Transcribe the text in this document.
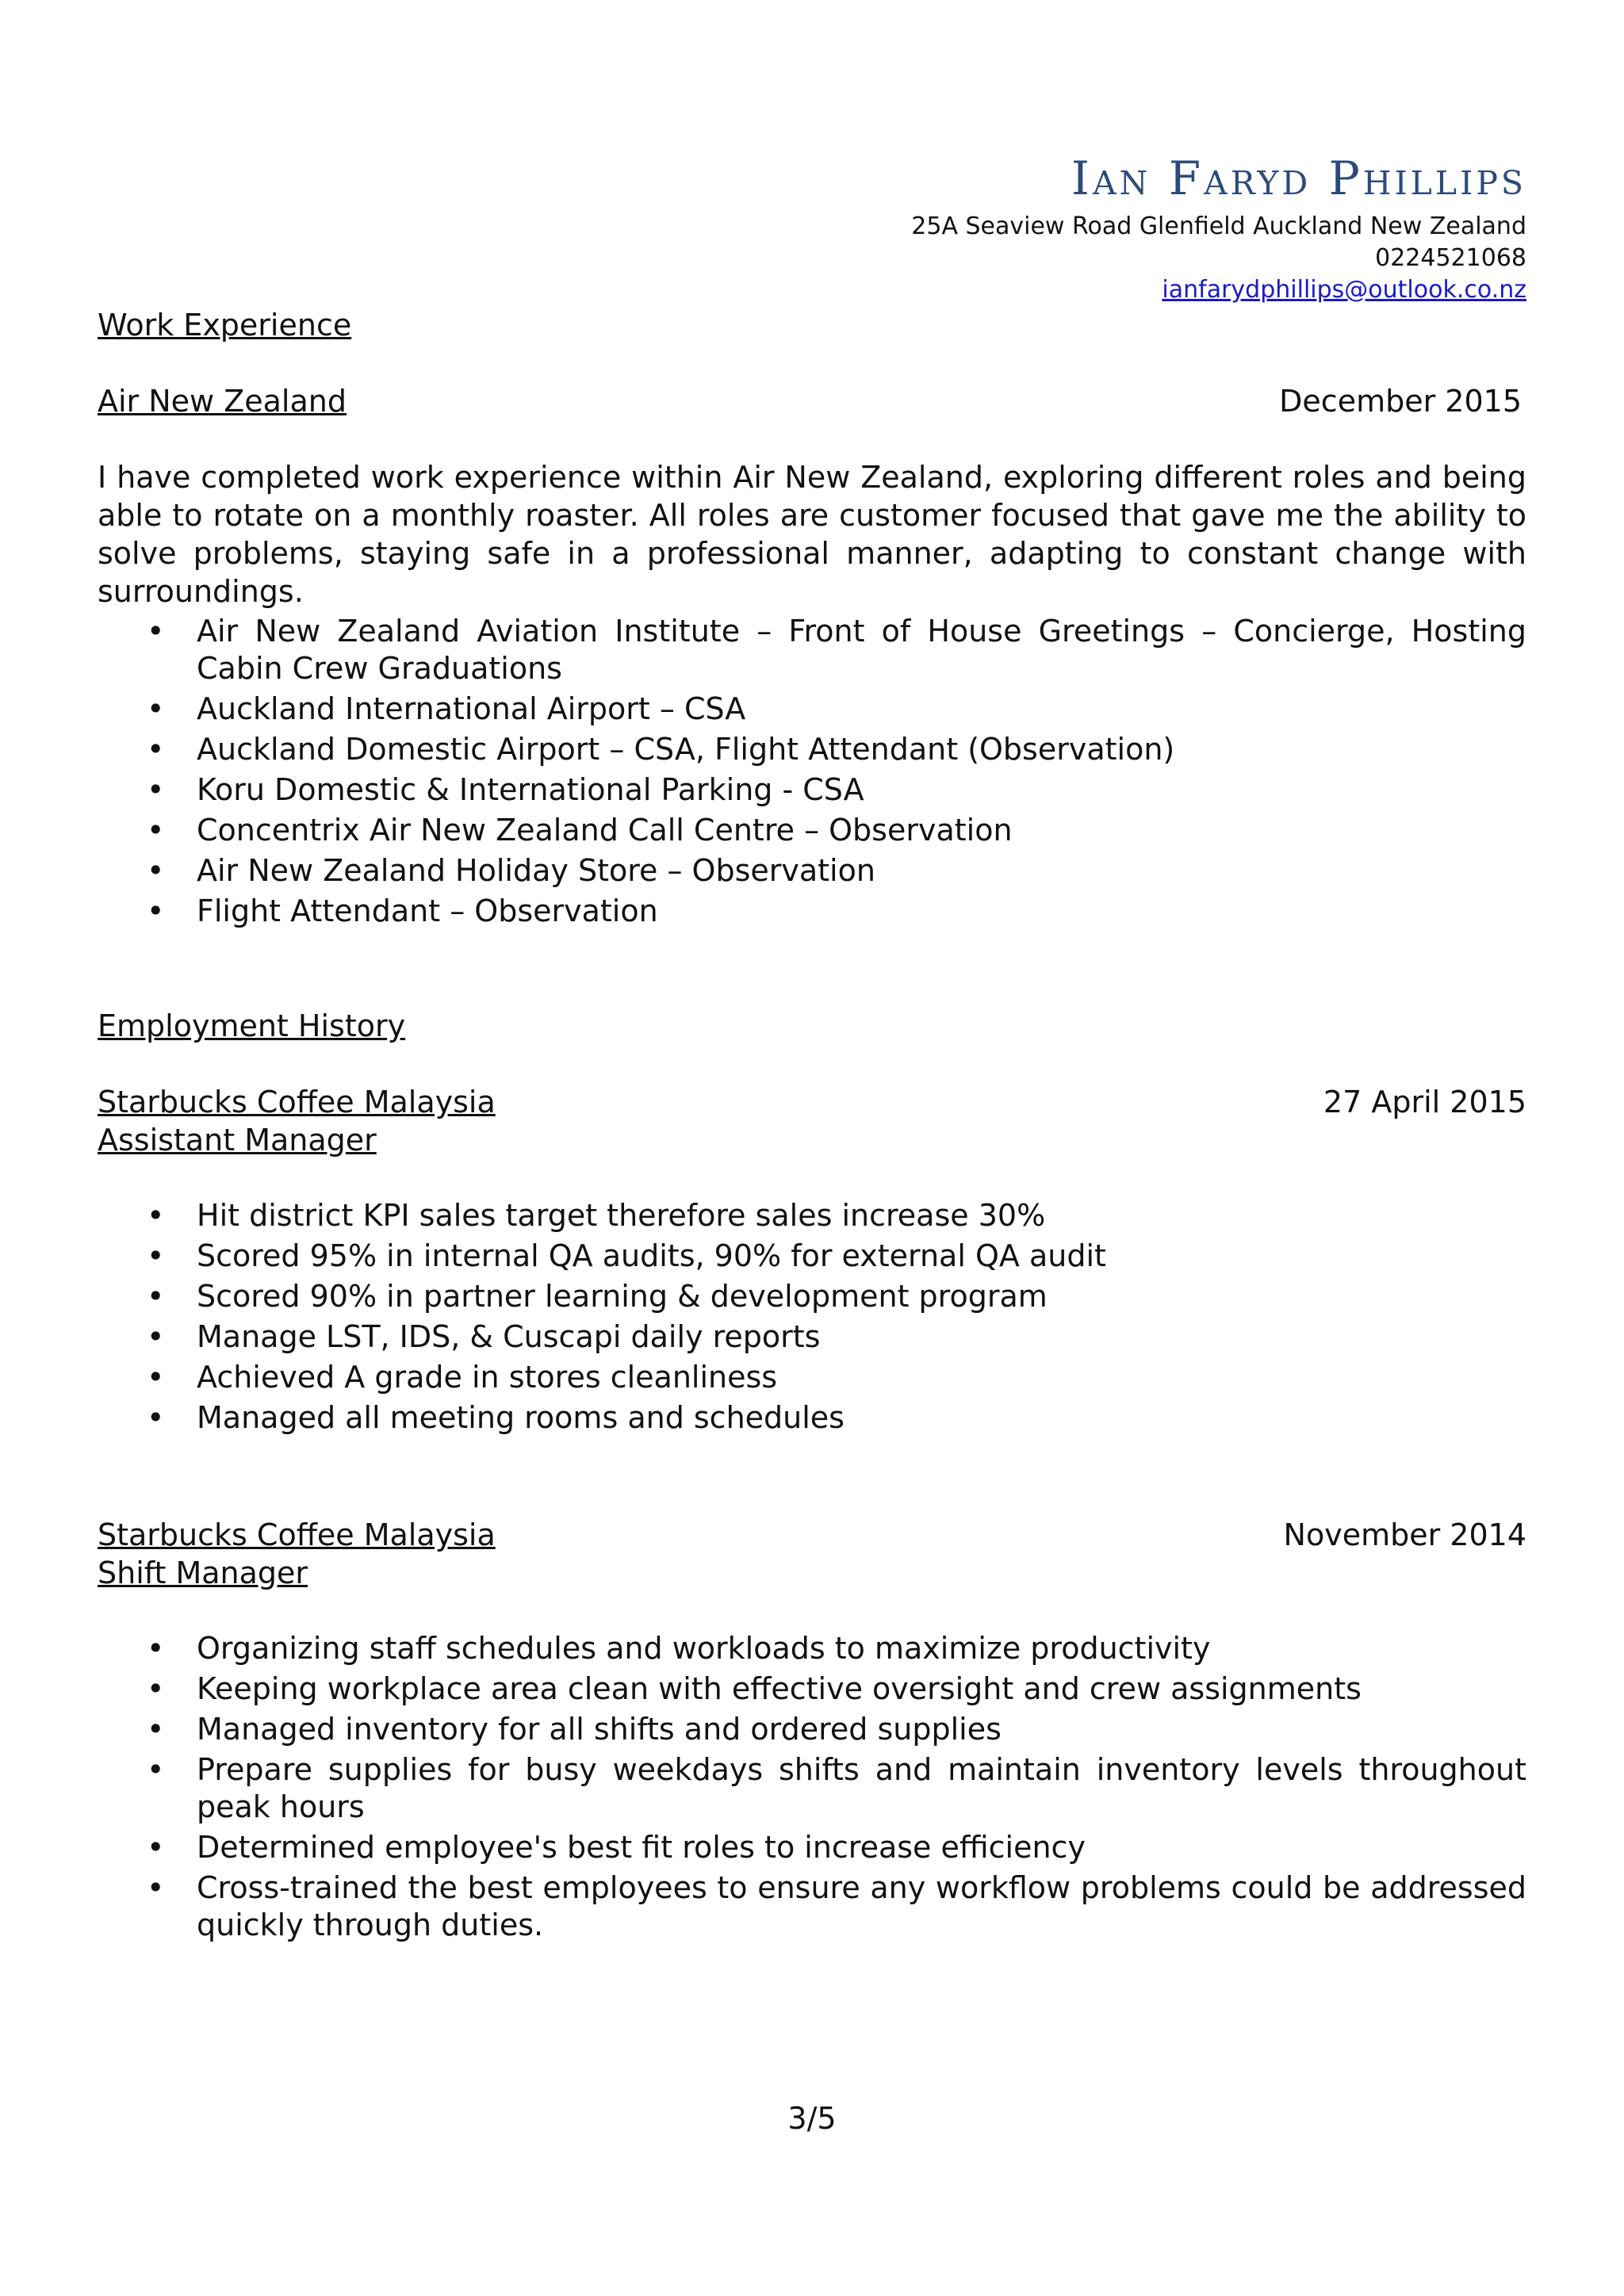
Ian Faryd Phillips
25A Seaview Road Glenfield Auckland New Zealand
0224521068
ianfarydphillips@outlook.co.nz
Work Experience
Air New Zealand	December 2015

I have completed work experience within Air New Zealand, exploring different roles and being able to rotate on a monthly roaster. All roles are customer focused that gave me the ability to solve problems, staying safe in a professional manner, adapting to constant change with surroundings.

• Air New Zealand Aviation Institute – Front of House Greetings – Concierge, Hosting Cabin Crew Graduations
• Auckland International Airport – CSA
• Auckland Domestic Airport – CSA, Flight Attendant (Observation)
• Koru Domestic & International Parking - CSA
• Concentrix Air New Zealand Call Centre – Observation
• Air New Zealand Holiday Store – Observation
• Flight Attendant – Observation
Employment History
Starbucks Coffee Malaysia	27 April 2015
Assistant Manager
• Hit district KPI sales target therefore sales increase 30%
• Scored 95% in internal QA audits, 90% for external QA audit
• Scored 90% in partner learning & development program
• Manage LST, IDS, & Cuscapi daily reports
• Achieved A grade in stores cleanliness
• Managed all meeting rooms and schedules
Starbucks Coffee Malaysia	November 2014
Shift Manager
• Organizing staff schedules and workloads to maximize productivity
• Keeping workplace area clean with effective oversight and crew assignments
• Managed inventory for all shifts and ordered supplies
• Prepare supplies for busy weekdays shifts and maintain inventory levels throughout peak hours
• Determined employee's best fit roles to increase efficiency
• Cross-trained the best employees to ensure any workflow problems could be addressed quickly through duties.
3/5
